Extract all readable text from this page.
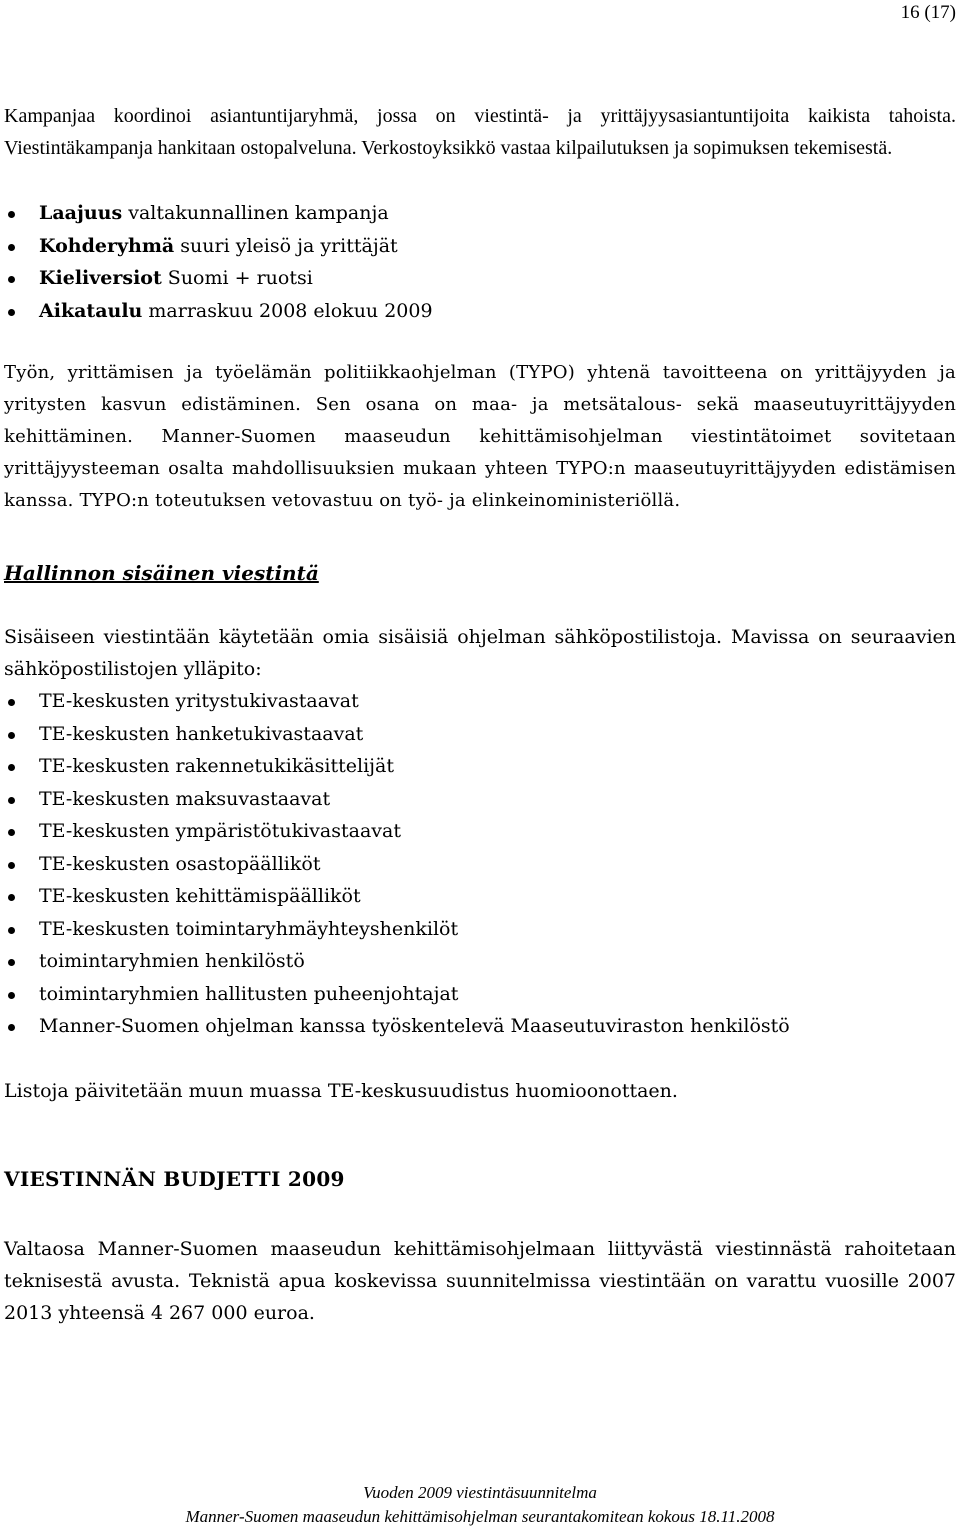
16 (17)

Kampanjaa koordinoi asiantuntijaryhmä, jossa on viestintä- ja yrittäjyysasiantuntijoita kaikista tahoista. Viestintäkampanja hankitaan ostopalveluna. Verkostoyksikkö vastaa kilpailutuksen ja sopimuksen tekemisestä.

Laajuus valtakunnallinen kampanja
Kohderyhmä suuri yleisö ja yrittäjät
Kieliversiot Suomi + ruotsi
Aikataulu marraskuu 2008 elokuu 2009

Työn, yrittämisen ja työelämän politiikkaohjelman (TYPO) yhtenä tavoitteena on yrittäjyyden ja yritysten kasvun edistäminen. Sen osana on maa- ja metsätalous- sekä maaseutuyrittäjyyden kehittäminen. Manner-Suomen maaseudun kehittämisohjelman viestintätoimet sovitetaan yrittäjyysteeman osalta mahdollisuuksien mukaan yhteen TYPO:n maaseutuyrittäjyyden edistämisen kanssa. TYPO:n toteutuksen vetovastuu on työ- ja elinkeinoministeriöllä.

Hallinnon sisäinen viestintä

Sisäiseen viestintään käytetään omia sisäisiä ohjelman sähköpostilistoja. Mavissa on seuraavien sähköpostilistojen ylläpito:

TE-keskusten yritystukivastaavat
TE-keskusten hanketukivastaavat
TE-keskusten rakennetukikäsittelijät
TE-keskusten maksuvastaavat
TE-keskusten ympäristötukivastaavat
TE-keskusten osastopäälliköt
TE-keskusten kehittämispäälliköt
TE-keskusten toimintaryhmäyhteyshenkilöt
toimintaryhmien henkilöstö
toimintaryhmien hallitusten puheenjohtajat
Manner-Suomen ohjelman kanssa työskentelevä Maaseutuviraston henkilöstö

Listoja päivitetään muun muassa TE-keskusuudistus huomioonottaen.

VIESTINNÄN BUDJETTI 2009

Valtaosa Manner-Suomen maaseudun kehittämisohjelmaan liittyvästä viestinnästä rahoitetaan teknisestä avusta. Teknistä apua koskevissa suunnitelmissa viestintään on varattu vuosille 2007 2013 yhteensä 4 267 000 euroa.

Vuoden 2009 viestintäsuunnitelma
Manner-Suomen maaseudun kehittämisohjelman seurantakomitean kokous 18.11.2008
